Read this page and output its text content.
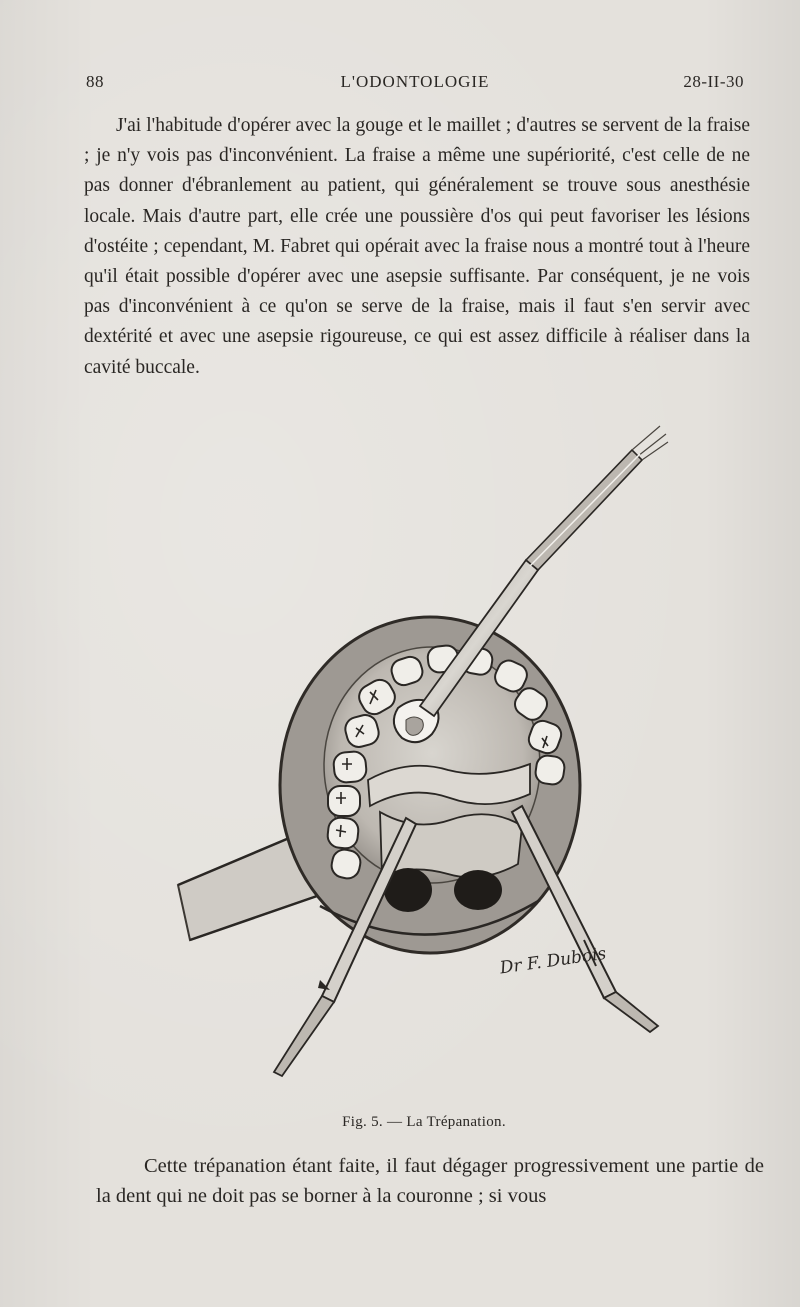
88	L'ODONTOLOGIE	28-II-30

J'ai l'habitude d'opérer avec la gouge et le maillet ; d'autres se servent de la fraise ; je n'y vois pas d'inconvénient. La fraise a même une supériorité, c'est celle de ne pas donner d'ébranlement au patient, qui généralement se trouve sous anesthésie locale. Mais d'autre part, elle crée une poussière d'os qui peut favoriser les lésions d'ostéite ; cependant, M. Fabret qui opérait avec la fraise nous a montré tout à l'heure qu'il était possible d'opérer avec une asepsie suffisante. Par conséquent, je ne vois pas d'inconvénient à ce qu'on se serve de la fraise, mais il faut s'en servir avec dextérité et avec une asepsie rigoureuse, ce qui est assez difficile à réaliser dans la cavité buccale.

Dr F. Dubois
Fig. 5. — La Trépanation.

Cette trépanation étant faite, il faut dégager progressivement une partie de la dent qui ne doit pas se borner à la couronne ; si vous
